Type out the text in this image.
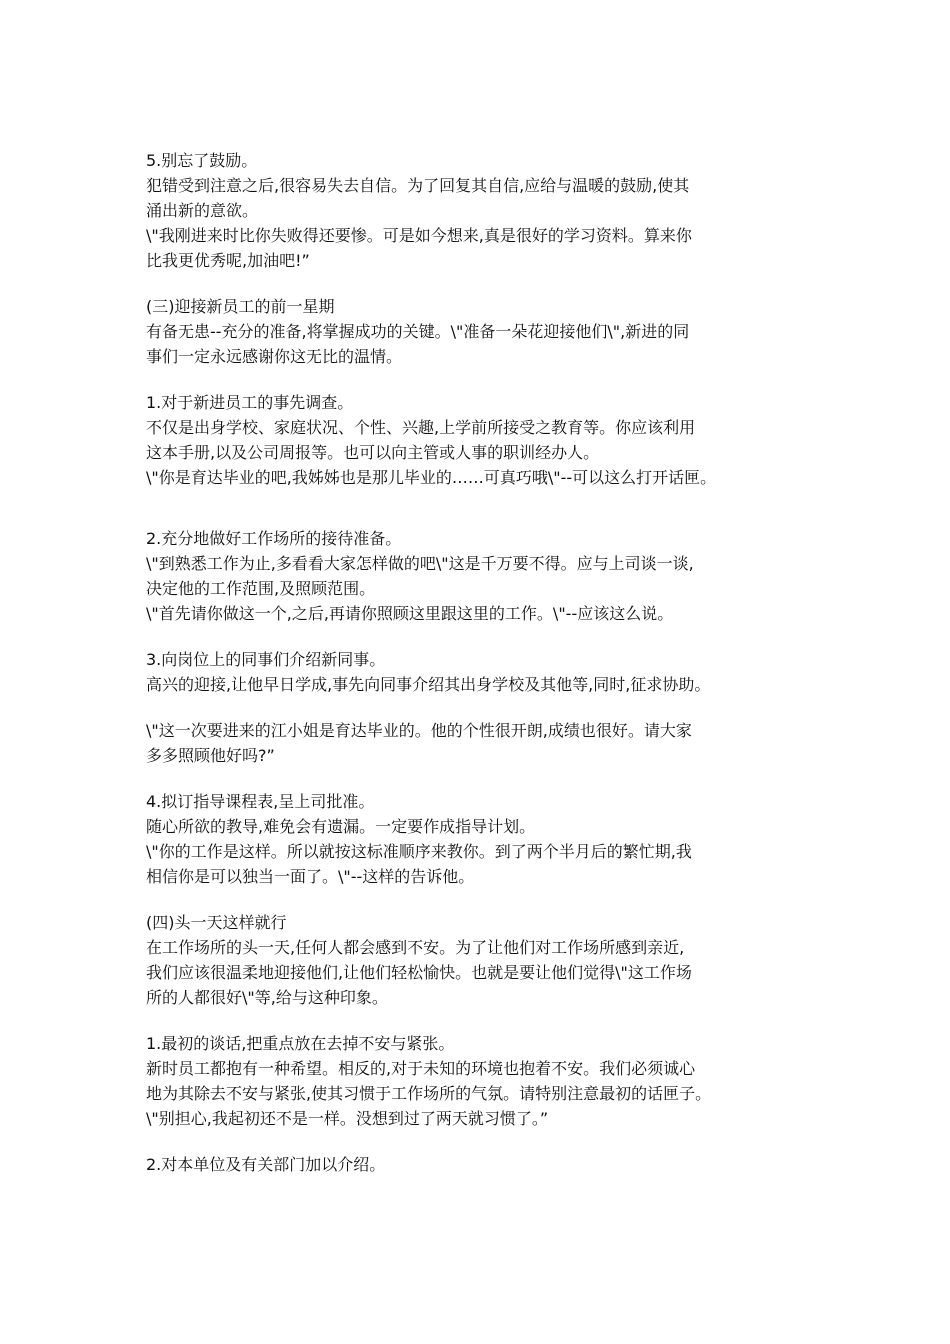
5.别忘了鼓励。
犯错受到注意之后,很容易失去自信。为了回复其自信,应给与温暖的鼓励,使其
涌出新的意欲。
\"我刚进来时比你失败得还要惨。可是如今想来,真是很好的学习资料。算来你
比我更优秀呢,加油吧!”
(三)迎接新员工的前一星期
有备无患--充分的准备,将掌握成功的关键。\"准备一朵花迎接他们\",新进的同
事们一定永远感谢你这无比的温情。
1.对于新进员工的事先调查。
不仅是出身学校、家庭状况、个性、兴趣,上学前所接受之教育等。你应该利用
这本手册,以及公司周报等。也可以向主管或人事的职训经办人。
\"你是育达毕业的吧,我姊姊也是那儿毕业的……可真巧哦\"--可以这么打开话匣。
2.充分地做好工作场所的接待准备。
\"到熟悉工作为止,多看看大家怎样做的吧\"这是千万要不得。应与上司谈一谈,
决定他的工作范围,及照顾范围。
\"首先请你做这一个,之后,再请你照顾这里跟这里的工作。\"--应该这么说。
3.向岗位上的同事们介绍新同事。
高兴的迎接,让他早日学成,事先向同事介绍其出身学校及其他等,同时,征求协助。
\"这一次要进来的江小姐是育达毕业的。他的个性很开朗,成绩也很好。请大家
多多照顾他好吗?”
4.拟订指导课程表,呈上司批准。
随心所欲的教导,难免会有遗漏。一定要作成指导计划。
\"你的工作是这样。所以就按这标准顺序来教你。到了两个半月后的繁忙期,我
相信你是可以独当一面了。\"--这样的告诉他。
(四)头一天这样就行
在工作场所的头一天,任何人都会感到不安。为了让他们对工作场所感到亲近,
我们应该很温柔地迎接他们,让他们轻松愉快。也就是要让他们觉得\"这工作场
所的人都很好\"等,给与这种印象。
1.最初的谈话,把重点放在去掉不安与紧张。
新时员工都抱有一种希望。相反的,对于未知的环境也抱着不安。我们必须诚心
地为其除去不安与紧张,使其习惯于工作场所的气氛。请特别注意最初的话匣子。
\"别担心,我起初还不是一样。没想到过了两天就习惯了。”
2.对本单位及有关部门加以介绍。
